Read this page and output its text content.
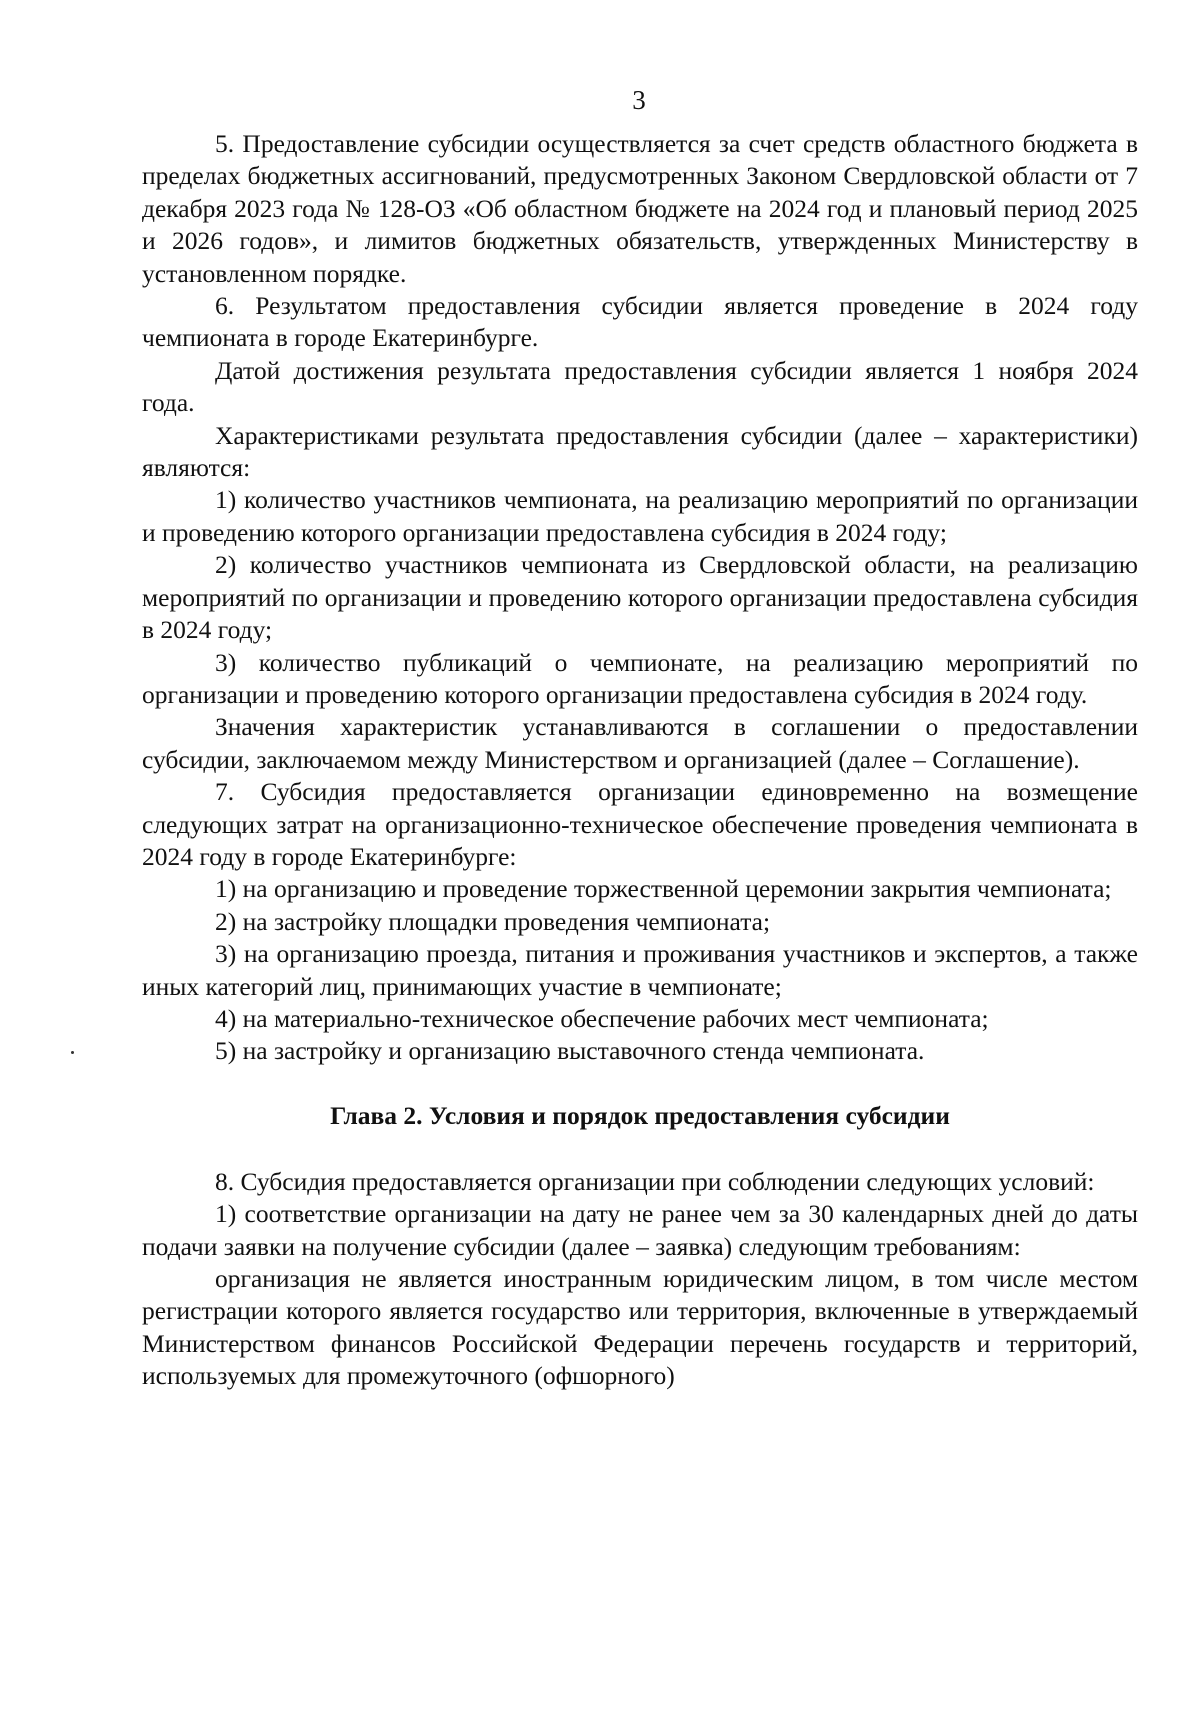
3

5. Предоставление субсидии осуществляется за счет средств областного бюджета в пределах бюджетных ассигнований, предусмотренных Законом Свердловской области от 7 декабря 2023 года № 128-ОЗ «Об областном бюджете на 2024 год и плановый период 2025 и 2026 годов», и лимитов бюджетных обязательств, утвержденных Министерству в установленном порядке.

6. Результатом предоставления субсидии является проведение в 2024 году чемпионата в городе Екатеринбурге.

Датой достижения результата предоставления субсидии является 1 ноября 2024 года.

Характеристиками результата предоставления субсидии (далее – характеристики) являются:

1) количество участников чемпионата, на реализацию мероприятий по организации и проведению которого организации предоставлена субсидия в 2024 году;

2) количество участников чемпионата из Свердловской области, на реализацию мероприятий по организации и проведению которого организации предоставлена субсидия в 2024 году;

3) количество публикаций о чемпионате, на реализацию мероприятий по организации и проведению которого организации предоставлена субсидия в 2024 году.

Значения характеристик устанавливаются в соглашении о предоставлении субсидии, заключаемом между Министерством и организацией (далее – Соглашение).

7. Субсидия предоставляется организации единовременно на возмещение следующих затрат на организационно-техническое обеспечение проведения чемпионата в 2024 году в городе Екатеринбурге:

1) на организацию и проведение торжественной церемонии закрытия чемпионата;

2) на застройку площадки проведения чемпионата;

3) на организацию проезда, питания и проживания участников и экспертов, а также иных категорий лиц, принимающих участие в чемпионате;

4) на материально-техническое обеспечение рабочих мест чемпионата;

5) на застройку и организацию выставочного стенда чемпионата.

Глава 2. Условия и порядок предоставления субсидии

8. Субсидия предоставляется организации при соблюдении следующих условий:

1) соответствие организации на дату не ранее чем за 30 календарных дней до даты подачи заявки на получение субсидии (далее – заявка) следующим требованиям:

организация не является иностранным юридическим лицом, в том числе местом регистрации которого является государство или территория, включенные в утверждаемый Министерством финансов Российской Федерации перечень государств и территорий, используемых для промежуточного (офшорного)
